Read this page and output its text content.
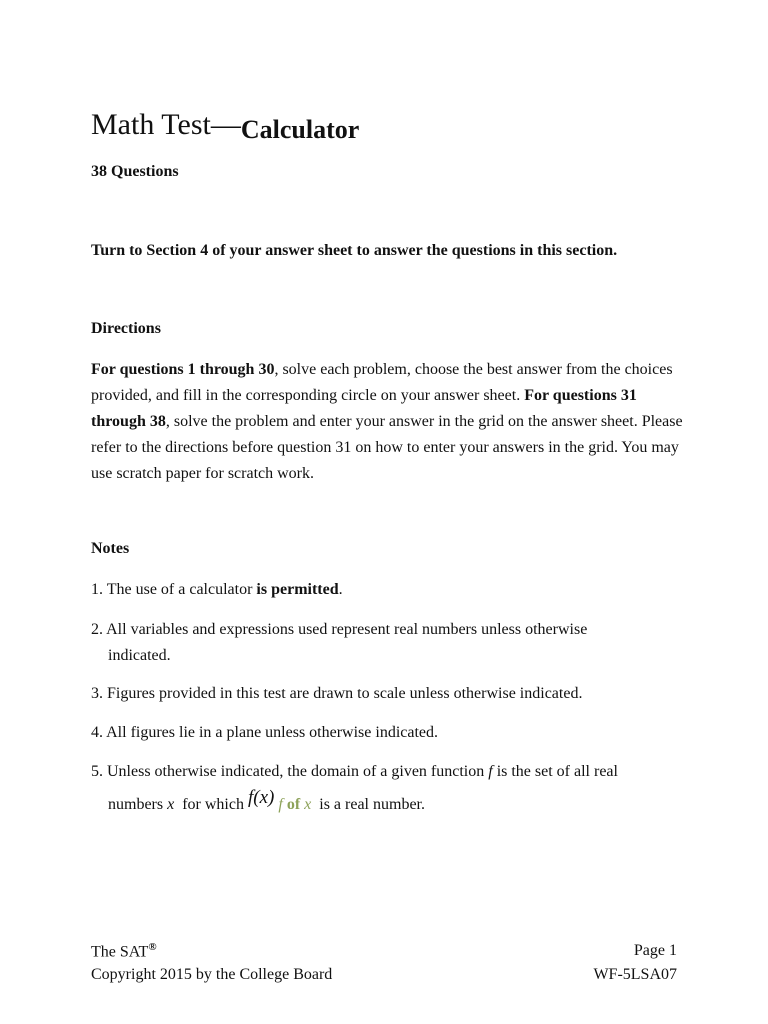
Math Test—Calculator
38 Questions
Turn to Section 4 of your answer sheet to answer the questions in this section.
Directions
For questions 1 through 30, solve each problem, choose the best answer from the choices provided, and fill in the corresponding circle on your answer sheet. For questions 31 through 38, solve the problem and enter your answer in the grid on the answer sheet. Please refer to the directions before question 31 on how to enter your answers in the grid. You may use scratch paper for scratch work.
Notes
1. The use of a calculator is permitted.
2. All variables and expressions used represent real numbers unless otherwise
indicated.
3. Figures provided in this test are drawn to scale unless otherwise indicated.
4. All figures lie in a plane unless otherwise indicated.
5. Unless otherwise indicated, the domain of a given function f is the set of all real
numbers x  for which f(x) f of x  is a real number.
The SAT®
Copyright 2015 by the College Board
Page 1
WF-5LSA07
